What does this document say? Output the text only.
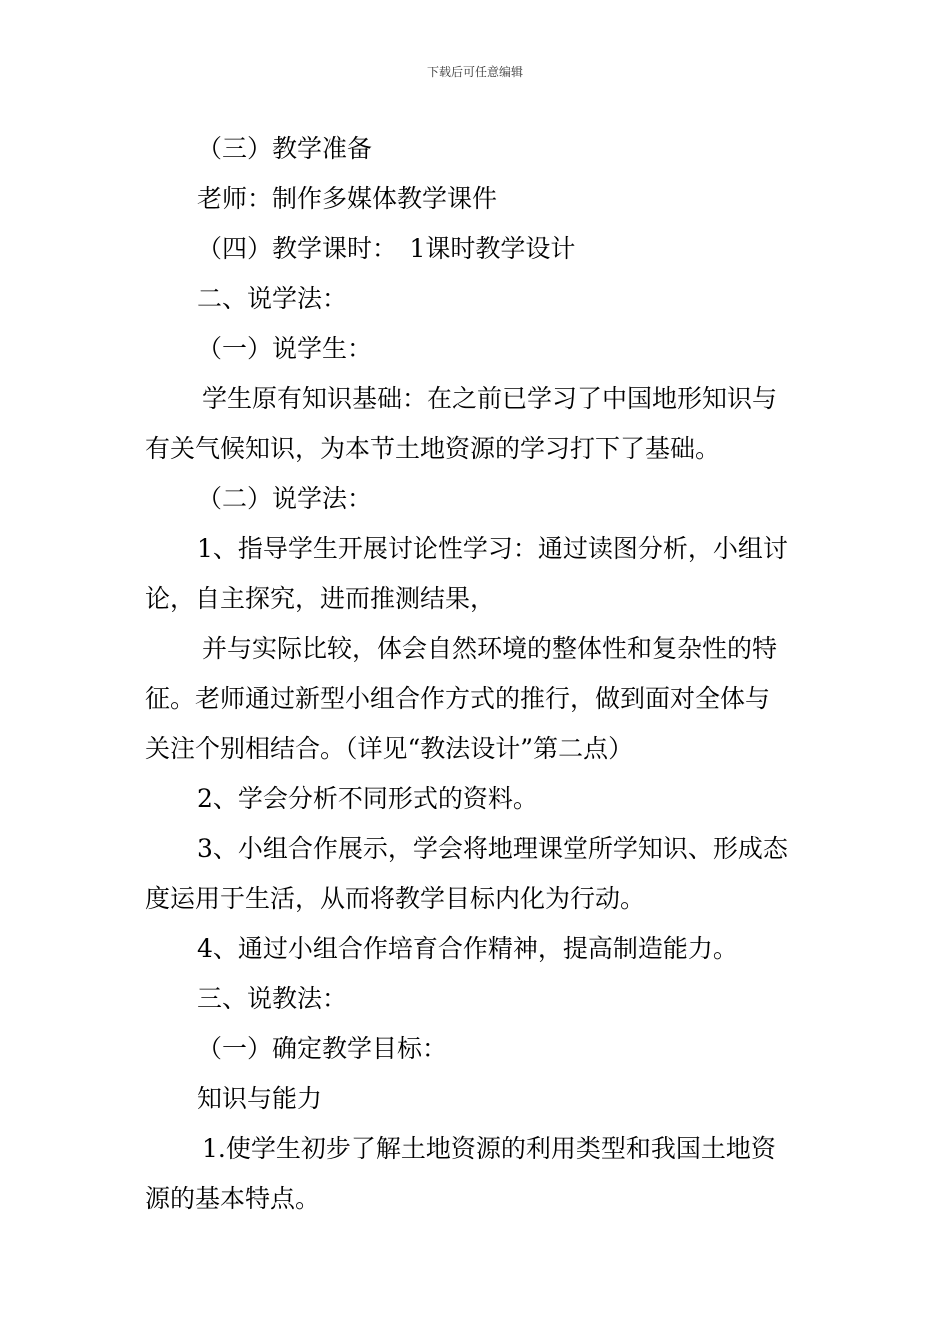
下载后可任意编辑

（三）教学准备

老师：制作多媒体教学课件

（四）教学课时：　1课时教学设计

二、说学法：

（一）说学生：

学生原有知识基础：在之前已学习了中国地形知识与

有关气候知识，为本节土地资源的学习打下了基础。

（二）说学法：

1、指导学生开展讨论性学习：通过读图分析，小组讨

论，自主探究，进而推测结果，

并与实际比较，体会自然环境的整体性和复杂性的特

征。老师通过新型小组合作方式的推行，做到面对全体与

关注个别相结合。（详见“教法设计”第二点）

2、学会分析不同形式的资料。

3、小组合作展示，学会将地理课堂所学知识、形成态

度运用于生活，从而将教学目标内化为行动。

4、通过小组合作培育合作精神，提高制造能力。

三、说教法：

（一）确定教学目标：

知识与能力

1.使学生初步了解土地资源的利用类型和我国土地资

源的基本特点。
